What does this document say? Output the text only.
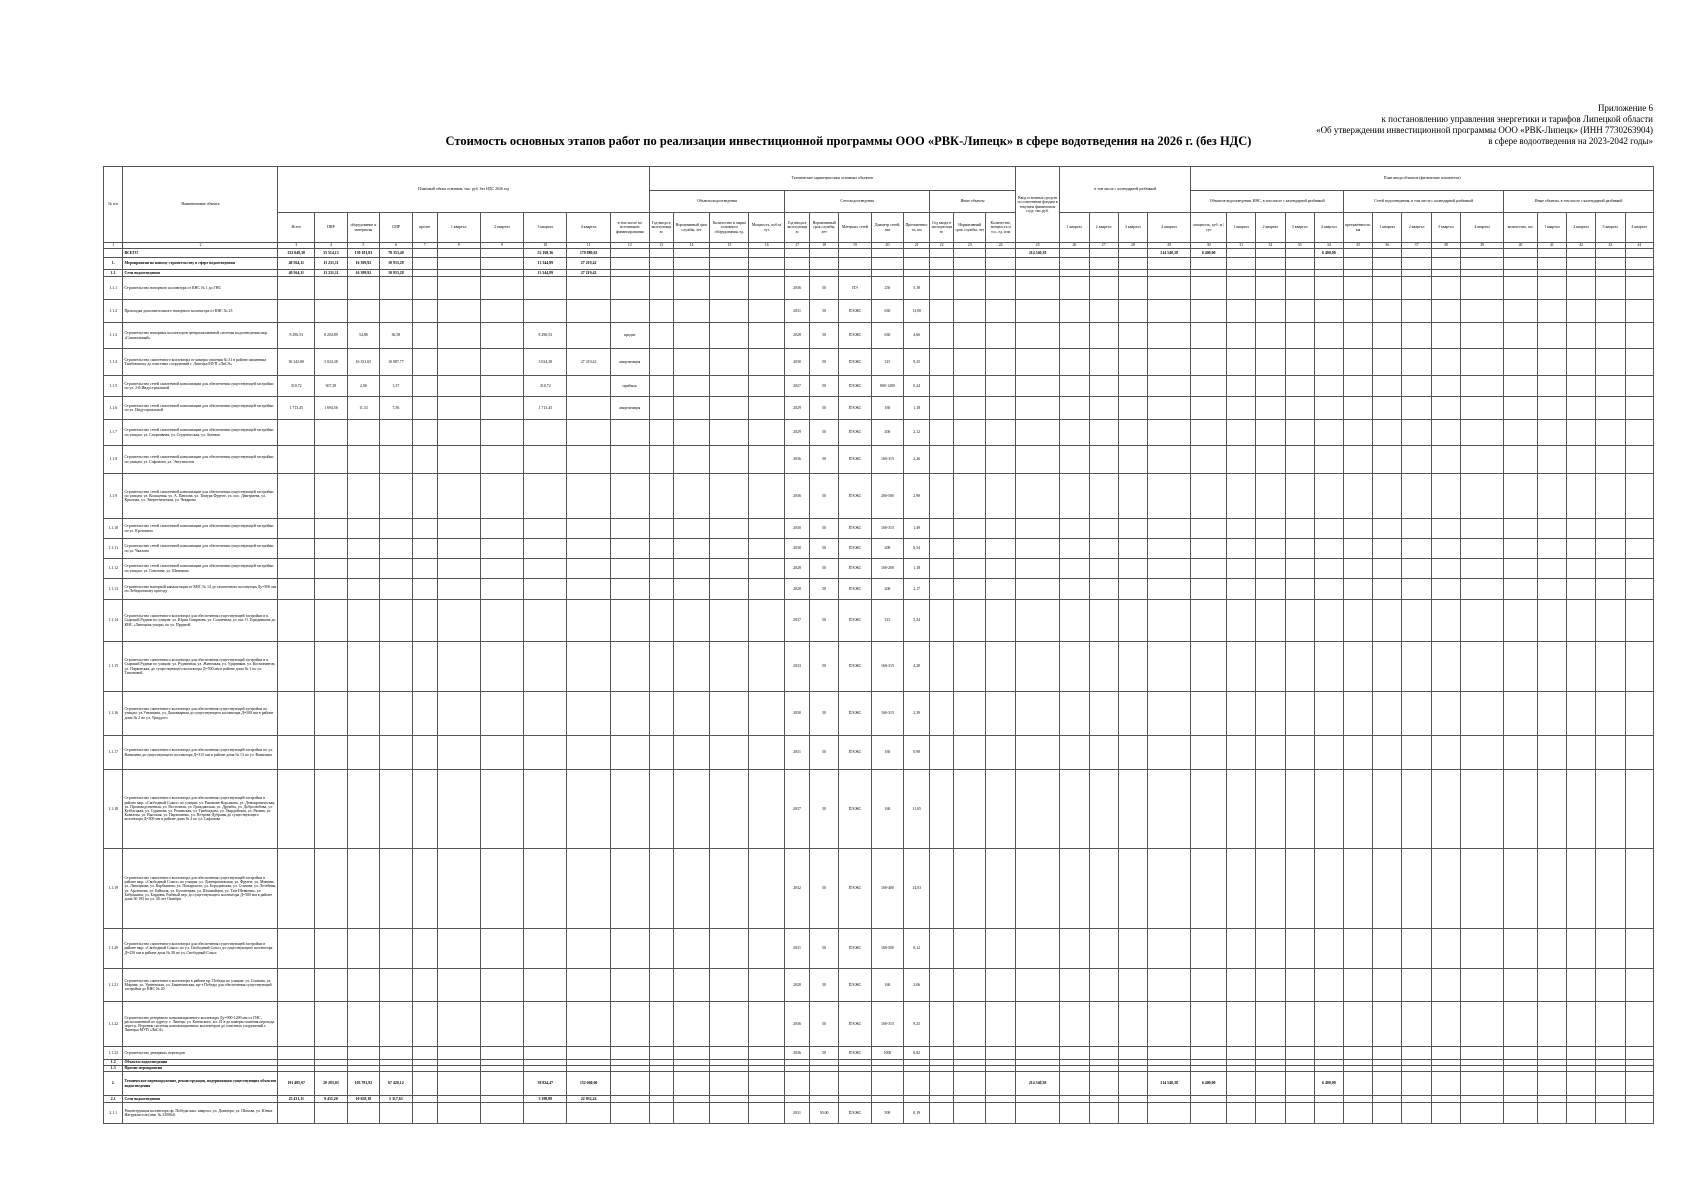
Приложение 6
к постановлению управления энергетики и тарифов Липецкой области
«Об утверждении инвестиционной программы ООО «РВК-Липецк» (ИНН 7730263904)
в сфере водоотведения на 2023-2042 годы»
Стоимость основных этапов работ по реализации инвестиционной программы ООО «РВК-Липецк» в сфере водотведения на 2026 г. (без НДС)
№ п/п	Наименование объекта	Плановый объем освоения, тыс. руб. без НДС 2026 год										Технические характеристики основных объектов												Ввод основных средств по освоенным фондам в текущем финансовом году, тыс.руб.	в том числе с календарной разбивкой				План ввода объектов (физические показатели)														
												Объекты водоотведения				Сети водоотведения					Иные объекты								Объектов водоотведения: КНС, в том числе с календарной разбивкой					Сетей водоотведения, в том числе с календарной разбивкой					Иные объекты, в том числе с календарной разбивкой				
		Всего	ПИР	оборудование и материалы	СМР	прочее	1 квартал	2 квартал	3 квартал	4 квартал	в том числе по источникам финансирования	Год ввода в эксплуатацию	Нормативный срок службы, лет	Количество и марка основного оборудования, ед.	Мощность, куб.м/сут.	Год ввода в эксплуатацию	Нормативный срок службы, лет	Материал сетей	Диаметр сетей, мм	Протяженность, км	Год ввода в эксплуатацию	Нормативный срок службы, лет	Количество, мощность и т.п., ед. изм		1 квартал	2 квартал	3 квартал	4 квартал	мощность, куб. м /сут	1 квартал	2 квартал	3 квартал	4 квартал	протяжённость, км	1 квартал	2 квартал	3 квартал	4 квартал	количество, шт.	1 квартал	2 квартал	3 квартал	4 квартал
1	2	3	4	5	6	7	8	9	10	11	12	13	14	15	16	17	18	19	20	21	22	23	24	25	26	27	28	29	30	31	32	33	34	35	36	37	38	39	40	41	42	43	44
	ВСЕГО	232 049,38	33 514,15	130 181,83	78 353,40				52 169,36	179 880,02														214 540,38				214 540,38	6 400,00				6 400,00										
1.	Мероприятия по новому строительству в сфере водоотведения	40 564,11	13 231,11	16 399,92	10 933,28				13 344,89	27 219,42																																	
1.1	Сети водоотведения	40 564,11	13 231,11	16 399,92	10 933,28				13 344,89	27 219,42																																	
1.1.1	Строительство напорного коллектора от КНС № 1 до ГНС															2036	50	ПЭ	250	5,18																							
1.1.2	Прокладка дополнительного напорного коллектора от КНС № 23															2031	50	ПЭ/ЖС	630	13,00																							
1.1.3	Строительство напорных коллекторов централизованной системы водоотведения мкр. «Сшпиальный»	8 296,53	8 204,89	54,88	36,58				8 296,53		кредит					2028	50	ПЭ/ЖС	630	4,66																							
1.1.4	Строительство самотечного коллектора от камеры гашения № 31 в районе памятника Тамбовскому до очистных сооружений г. Липецка МУП «ЛиСА»	30 243,80	3 024,38	16 331,65	10 887,77				3 024,38	27 219,42	амортизация					2030	50	ПЭ/ЖС	315	9,25																							
1.1.5	Строительство сетей самотечной канализации для обеспечения существующей застройки по ул. 2-й Индустриальной	310,72	307,29	2,06	1,37				310,72		прибыль					2027	50	ПЭ/ЖС	800-1200	0,24																							
1.1.6	Строительство сетей самотечной канализации для обеспечения существующей застройки по ул. Индустриальной	1 713,45	1 694,56	11,33	7,56				1 713,45		амортизация					2029	50	ПЭ/ЖС	160	1,18																							
1.1.7	Строительство сетей самотечной канализации для обеспечения существующей застройки по улицам: ул. Спортивная, ул. Студенческая, ул. Зеленая															2029	50	ПЭ/ЖС	200	2,12																							
1.1.8	Строительство сетей самотечной канализации для обеспечения существующей застройки по улицам: ул. Сафонова, ул. Энтузиастов															2036	50	ПЭ/ЖС	160-315	2,26																							
1.1.9	Строительство сетей самотечной канализации для обеспечения существующей застройки по улицам: ул. Кольцевая, ул. А. Павлова, ул. Тимура Фрунзе, ул. пос. Дмитриева, ул. Крылова, ул. Энергетическая, ул. Чекарова															2036	50	ПЭ/ЖС	200-500	2,98																							
1.1.10	Строительство сетей самотечной канализации для обеспечения существующей застройки по ул. Кротовича															2030	50	ПЭ/ЖС	160-315	1,49																							
1.1.11	Строительство сетей самотечной канализации для обеспечения существующей застройки по ул. Чкалова															2030	50	ПЭ/ЖС	200	0,54																							
1.1.12	Строительство сетей самотечной канализации для обеспечения существующей застройки по улицам: ул. Гоньзина, ул. Шеенкова															2028	50	ПЭ/ЖС	160-200	1,18																							
1.1.13	Строительство напорной канализации от КНС № 14 до самотечного коллектора Ду=500 мм по Лебединскому проезду															2028	50	ПЭ/ЖС	200	2,17																							
1.1.14	Строительство самотечного коллектора для обеспечения существующей застройки в п. Сырский Рудник по улицам: ул. Юрия Смирнова, ул. Солнечная, ул. им. О. Городникова до КНС «Липецкая умора» по ул. Прудной															2037	50	ПЭ/ЖС	315	5,34																							
1.1.15	Строительство самотечного коллектора для обеспечения существующей застройки в п. Сырский Рудник по улицам: ул. Рудничная, ул. Житомкая, ул. Ударников, ул. Космонавтов, ул. Парковская, до существующего коллектора Д=500 мм в районе дома № 1 по ул. Тихоновой															2033	50	ПЭ/ЖС	160-315	4,28																							
1.1.16	Строительство самотечного коллектора для обеспечения существующей застройки по улицам: ул.Угнашина, ул. Доковаарная до существующего коллектора Д=500 мм в районе дома № 2 по ул. Уриддого															2030	50	ПЭ/ЖС	160-315	2,39																							
1.1.17	Строительство самотечного коллектора для обеспечения существующей застройки по ул. Ванилина до существующего коллектора Д=315 мм в районе дома № 13 по ул. Ванилина															2031	50	ПЭ/ЖС	160	0,98																							
1.1.18	Строительство самотечного коллектора для обеспечения существующей застройки в районе мкр. «Свободный Сокол» по улицам: ул. Рязанова-Корсакова, ул. Демократическая, ул. Производственная, ул. Восточная, ул. Гражданская, ул. Дружбы, ул. Добролюбова, ул. Кузбасцкая, ул. Сурикова, ул. Репинская, ул. Грибоедова, ул. Гвардейская, ул. Рязина, ул. Ковалева, ул. Высокая, ул. Пархоменко, ул. Петрова-Дубравы до существующего коллектора Д=500 мм в районе дома № 2 по ул. Сафонова															2037	50	ПЭ/ЖС	160	11,05																							
1.1.19	Строительство самотечного коллектора для обеспечения существующей застройки в районе мкр. «Свободный Сокол» по улицам: ул. Донецкшаевская, ул. Фрунзе, ул. Минина, ул. Липоцкова, ул. Карбышева, ул. Пожарского, ул. Бородинская, ул. Станова, ул. Летейная, ул. Арсеньева, ул. Байкаля, ул. Бухонецкая, ул. Шпомайцов, ул. Тип-Шевченко, ул. Бабушкина, ул. Бардина, Рыбный пер. до существующего коллектора Д=500 мм в районе дома 30 195 по ул. 40 лет Октября															2032	50	ПЭ/ЖС	160-400	14,03																							
1.1.20	Строительство самотечного коллектора для обеспечения существующей застройки в районе мкр. «Свободный Сокол» по ул. Свободный Сокол до существующего коллектора Д=250 мм в районе дома № 38 по ул. Свободный Сокол															2031	50	ПЭ/ЖС	160-500	0,12																							
1.1.21	Строительство самотечного коллектора в районе пр. Победы по улицам: ул. Силкова, ул. Марина, ул. Уреневская, ул. Бакинчевская, пр-т Победы для обеспечения существующей застройки до КНС № 20															2028	50	ПЭ/ЖС	160	2,06																							
1.1.22	Строительство резервного канализационного коллектора Ду=900-1200 мм от ГНС, расположенной по адресу: г. Липецк, ул. Котовского, вл. 41 в до камеры гашения перехода через р. Воронеж системы канализационных коллекторов до очистных сооружений г. Липецка МУП «ЛиСА»															2036	50	ПЭ/ЖС	160-315	9,25																							
1.1.23	Строительство дюкерных переходов															2036	50	ПЭ/ЖС	1000	0,82																							
1.2	Объекты водоотведения																																										
1.3	Прочие мероприятия																																										
2.	Техническое перевооружение, реконструкция, модернизация существующих объектов водоотведения	191 485,07	20 283,03	103 781,92	67 420,12				38 824,47	152 660,60														214 540,38				214 540,38	6 400,00				6 400,00										
2.1	Сети водоотведения	25 431,11	9 455,20	10 658,18	5 317,63				3 398,88	22 032,24																																	
2.1.1	Реконструкция коллектора пр. Победы жил. квартал, ул. Доватора, ул. Шахова, ул. Юных Натуралистов (инв. № 320064)															2031	50,00	ПЭ/ЖС	500	0,19																							
